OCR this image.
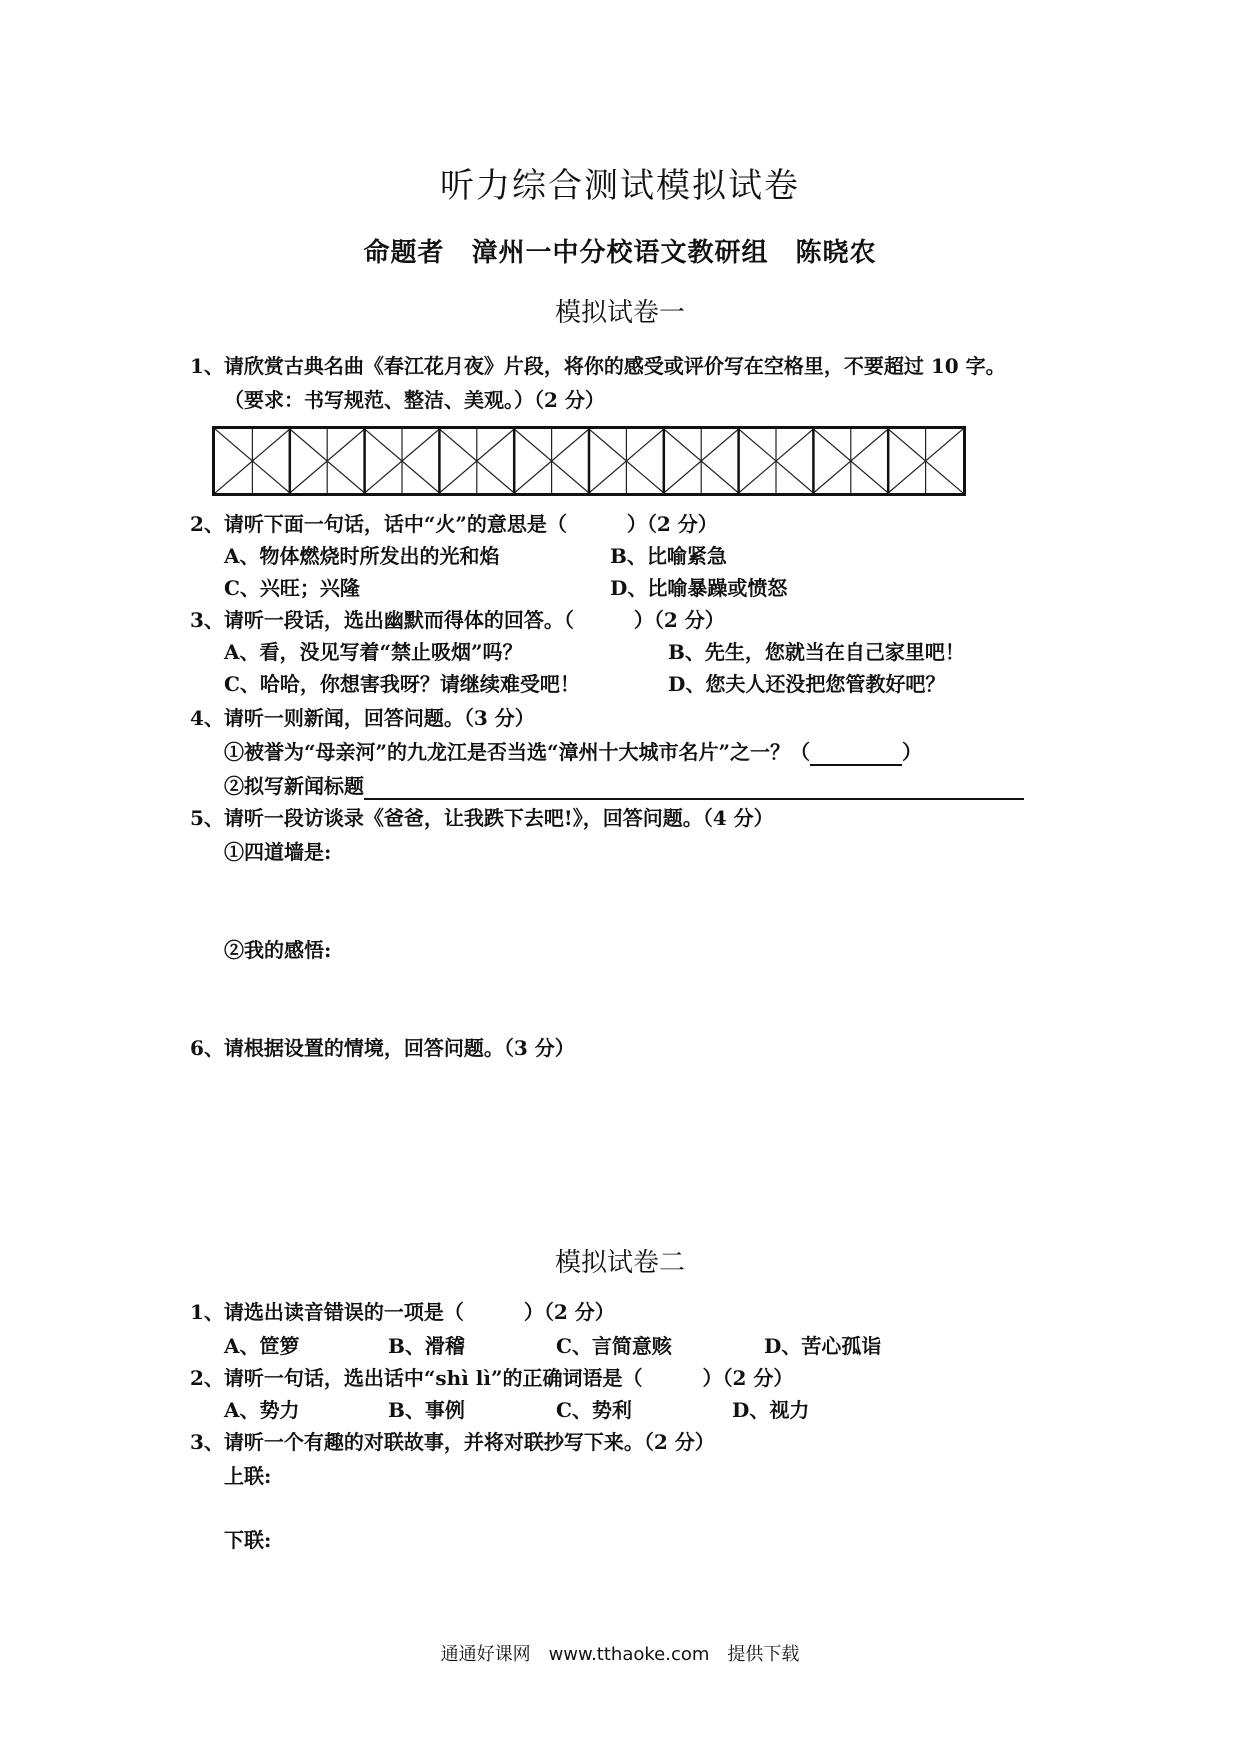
听力综合测试模拟试卷
命题者　漳州一中分校语文教研组　陈晓农
模拟试卷一
1、请欣赏古典名曲《春江花月夜》片段，将你的感受或评价写在空格里，不要超过 10 字。
（要求：书写规范、整洁、美观。）（2 分）
2、请听下面一句话，话中“火”的意思是（　　　）（2 分）
A、物体燃烧时所发出的光和焰	B、比喻紧急
C、兴旺；兴隆	D、比喻暴躁或愤怒
3、请听一段话，选出幽默而得体的回答。（　　　）（2 分）
A、看，没见写着“禁止吸烟”吗？	B、先生，您就当在自己家里吧！
C、哈哈，你想害我呀？请继续难受吧！	D、您夫人还没把您管教好吧？
4、请听一则新闻，回答问题。（3 分）
①被誉为“母亲河”的九龙江是否当选“漳州十大城市名片”之一？（	）
②拟写新闻标题
5、请听一段访谈录《爸爸，让我跌下去吧!》，回答问题。（4 分）
①四道墙是:
②我的感悟:
6、请根据设置的情境，回答问题。（3 分）
模拟试卷二
1、请选出读音错误的一项是（　　　）（2 分）
A、笸箩	B、滑稽	C、言简意赅	D、苦心孤诣
2、请听一句话，选出话中“shì lì”的正确词语是（　　　）（2 分）
A、势力	B、事例	C、势利	D、视力
3、请听一个有趣的对联故事，并将对联抄写下来。（2 分）
上联:
下联:
通通好课网　www.tthaoke.com　提供下载
